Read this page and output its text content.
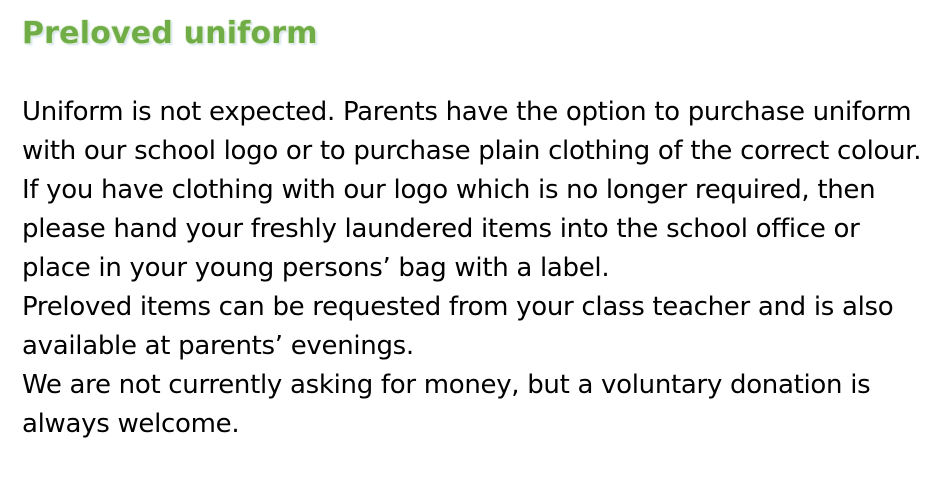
Preloved uniform

Uniform is not expected. Parents have the option to purchase uniform with our school logo or to purchase plain clothing of the correct colour.

If you have clothing with our logo which is no longer required, then please hand your freshly laundered items into the school office or place in your young persons’ bag with a label.

Preloved items can be requested from your class teacher and is also available at parents’ evenings.

We are not currently asking for money, but a voluntary donation is always welcome.
